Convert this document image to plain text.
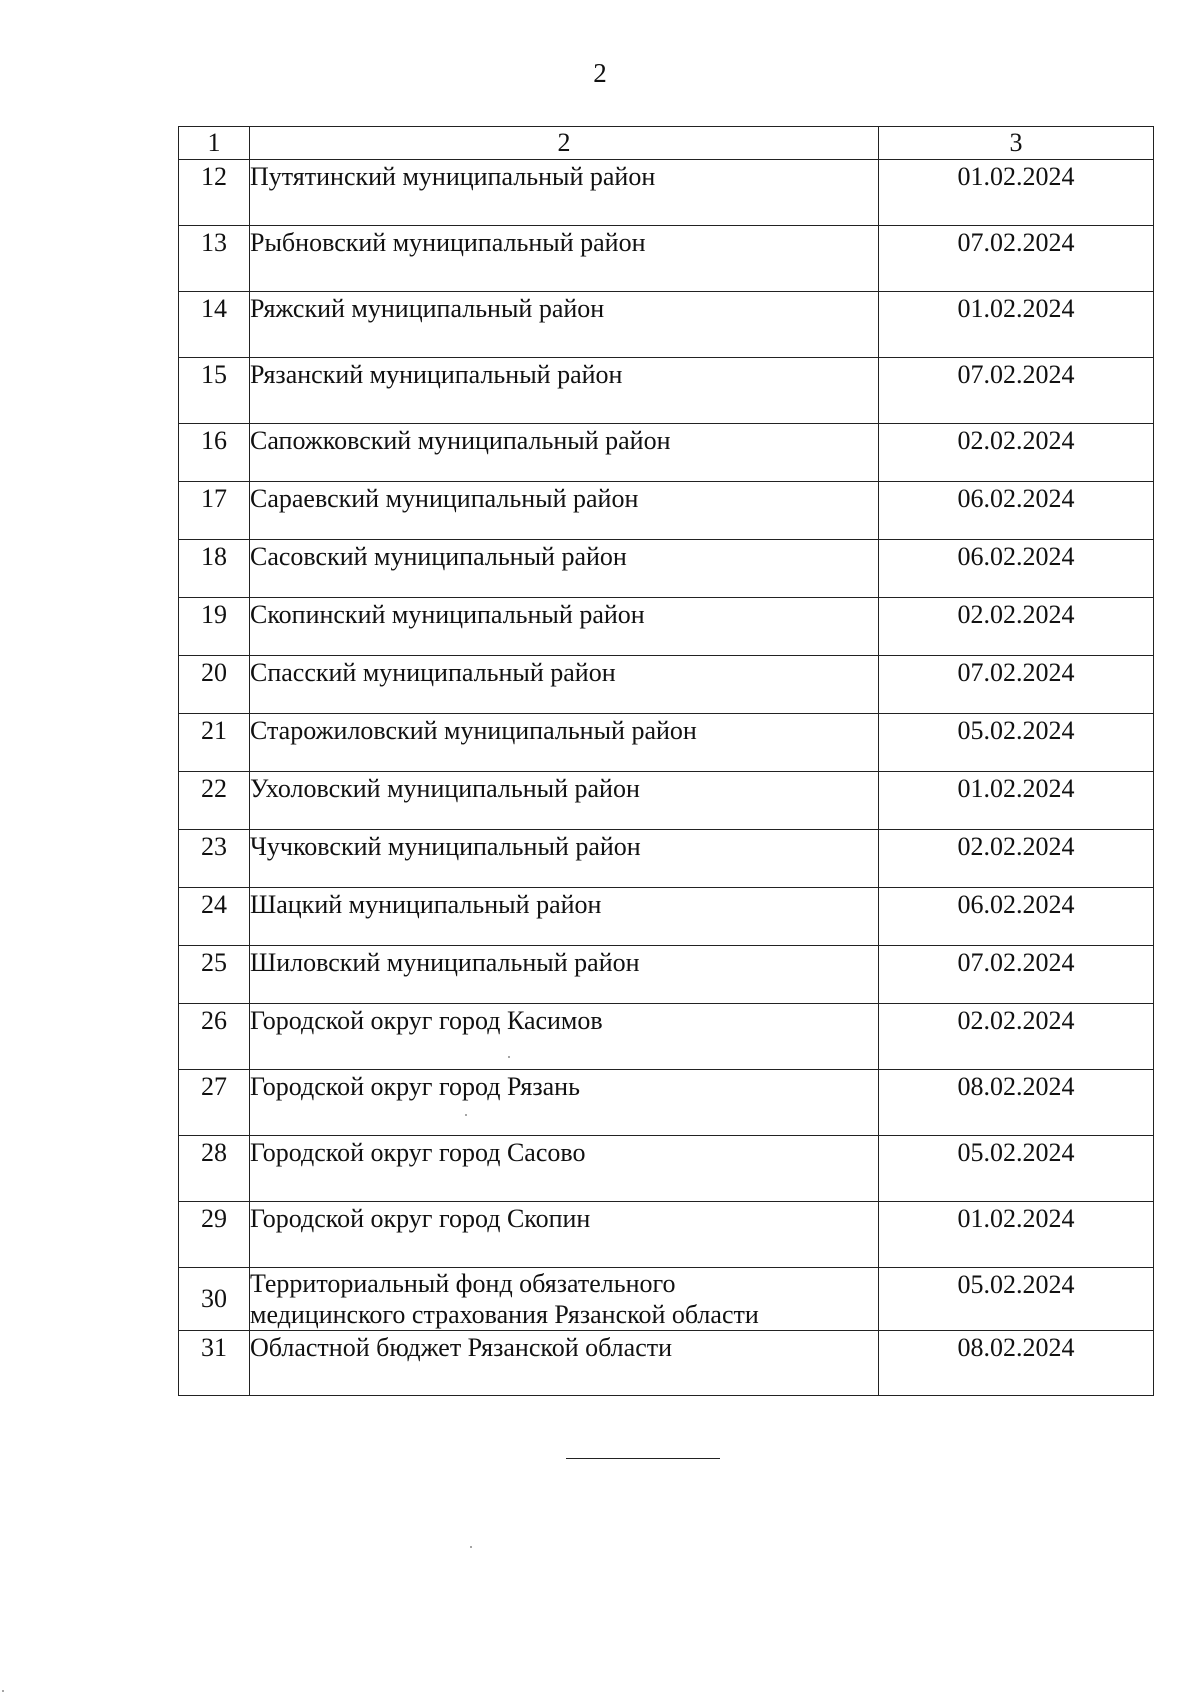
2
1	2	3
12	Путятинский муниципальный район	01.02.2024
13	Рыбновский муниципальный район	07.02.2024
14	Ряжский муниципальный район	01.02.2024
15	Рязанский муниципальный район	07.02.2024
16	Сапожковский муниципальный район	02.02.2024
17	Сараевский муниципальный район	06.02.2024
18	Сасовский муниципальный район	06.02.2024
19	Скопинский муниципальный район	02.02.2024
20	Спасский муниципальный район	07.02.2024
21	Старожиловский муниципальный район	05.02.2024
22	Ухоловский муниципальный район	01.02.2024
23	Чучковский муниципальный район	02.02.2024
24	Шацкий муниципальный район	06.02.2024
25	Шиловский муниципальный район	07.02.2024
26	Городской округ город Касимов	02.02.2024
27	Городской округ город Рязань	08.02.2024
28	Городской округ город Сасово	05.02.2024
29	Городской округ город Скопин	01.02.2024
30	Территориальный фонд обязательного
медицинского страхования Рязанской области	05.02.2024
31	Областной бюджет Рязанской области	08.02.2024
